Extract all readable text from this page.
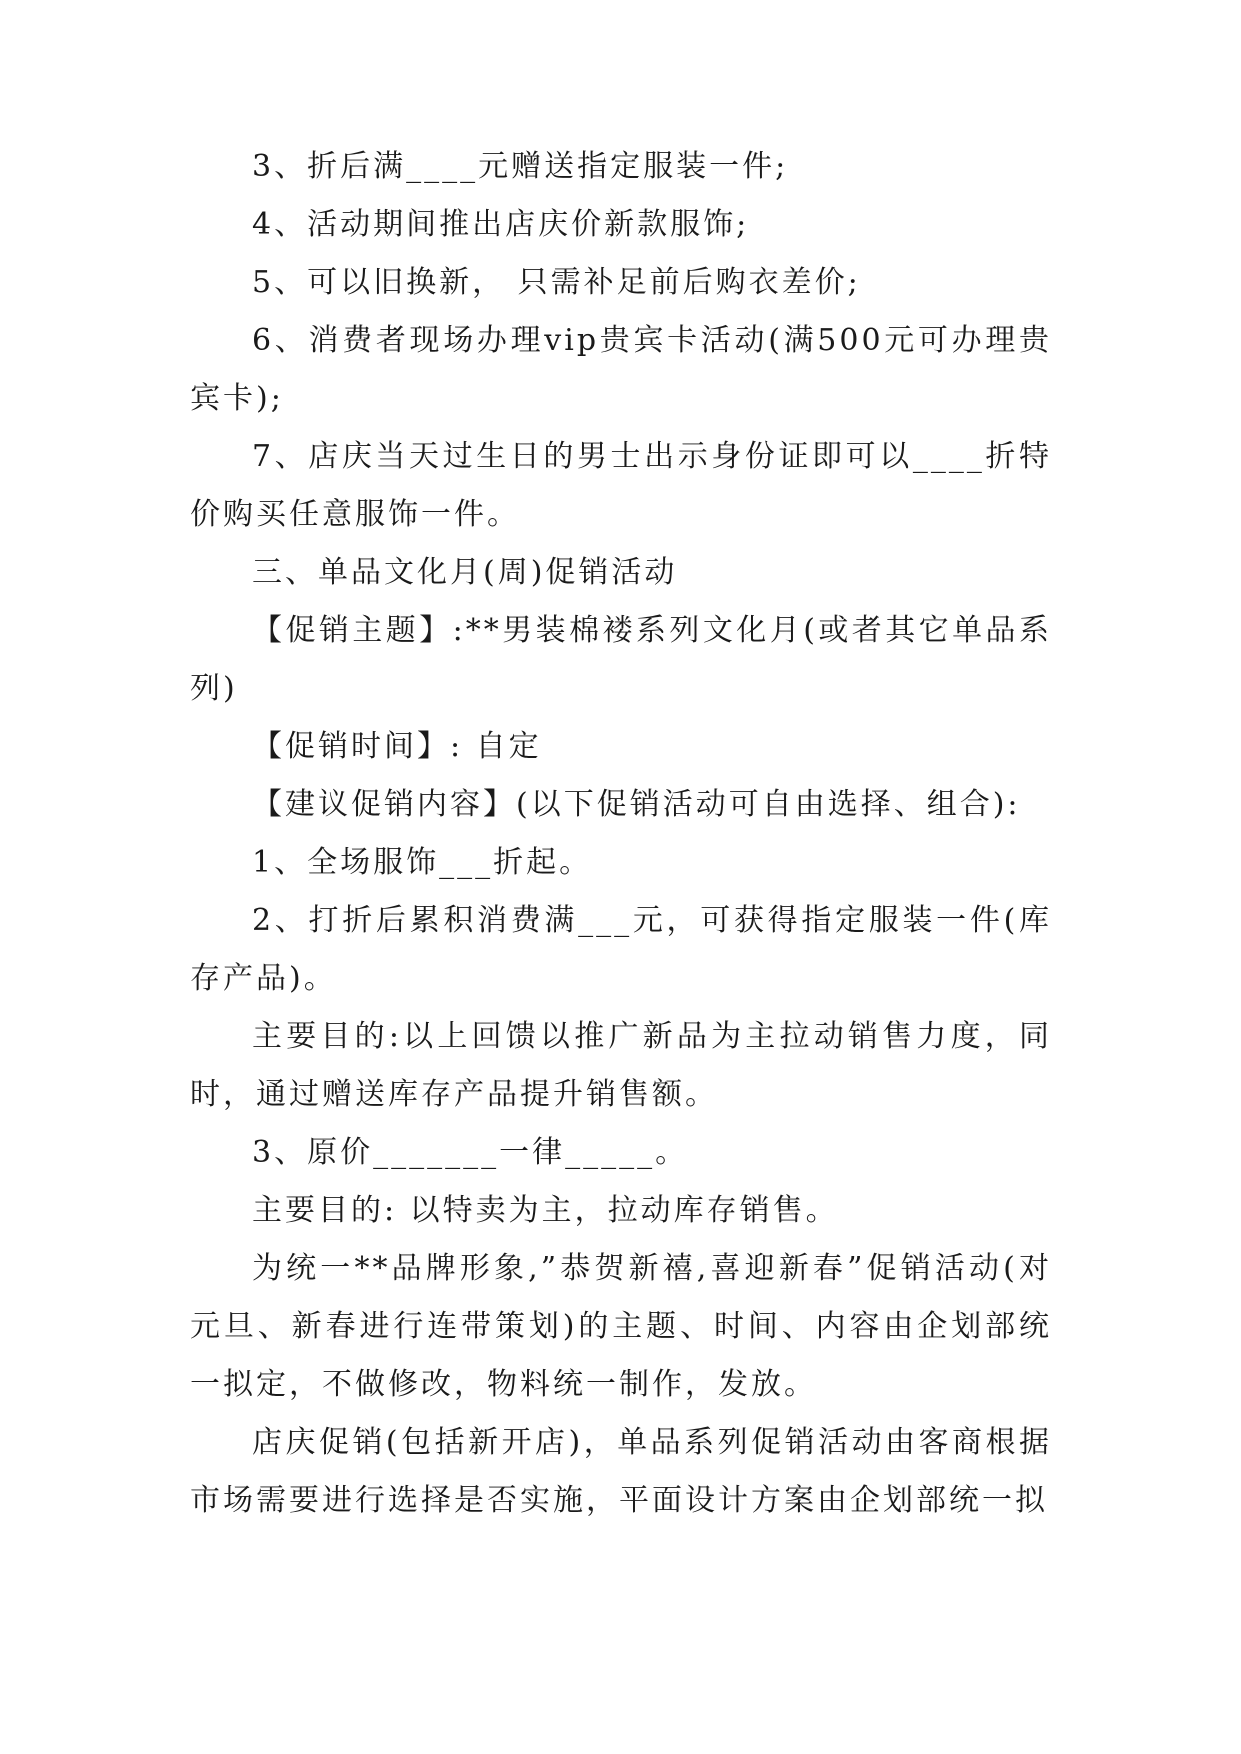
3、折后满____元赠送指定服装一件;

4、活动期间推出店庆价新款服饰;

5、可以旧换新， 只需补足前后购衣差价;

6、消费者现场办理vip贵宾卡活动(满500元可办理贵宾卡);

7、店庆当天过生日的男士出示身份证即可以____折特价购买任意服饰一件。

三、单品文化月(周)促销活动

【促销主题】:**男装棉褛系列文化月(或者其它单品系列)

【促销时间】: 自定

【建议促销内容】(以下促销活动可自由选择、组合):

1、全场服饰___折起。

2、打折后累积消费满___元，可获得指定服装一件(库存产品)。

主要目的:以上回馈以推广新品为主拉动销售力度，同时，通过赠送库存产品提升销售额。

3、原价_______一律_____。

主要目的: 以特卖为主，拉动库存销售。

为统一**品牌形象,”恭贺新禧,喜迎新春”促销活动(对元旦、新春进行连带策划)的主题、时间、内容由企划部统一拟定，不做修改，物料统一制作，发放。

店庆促销(包括新开店)，单品系列促销活动由客商根据市场需要进行选择是否实施，平面设计方案由企划部统一拟
